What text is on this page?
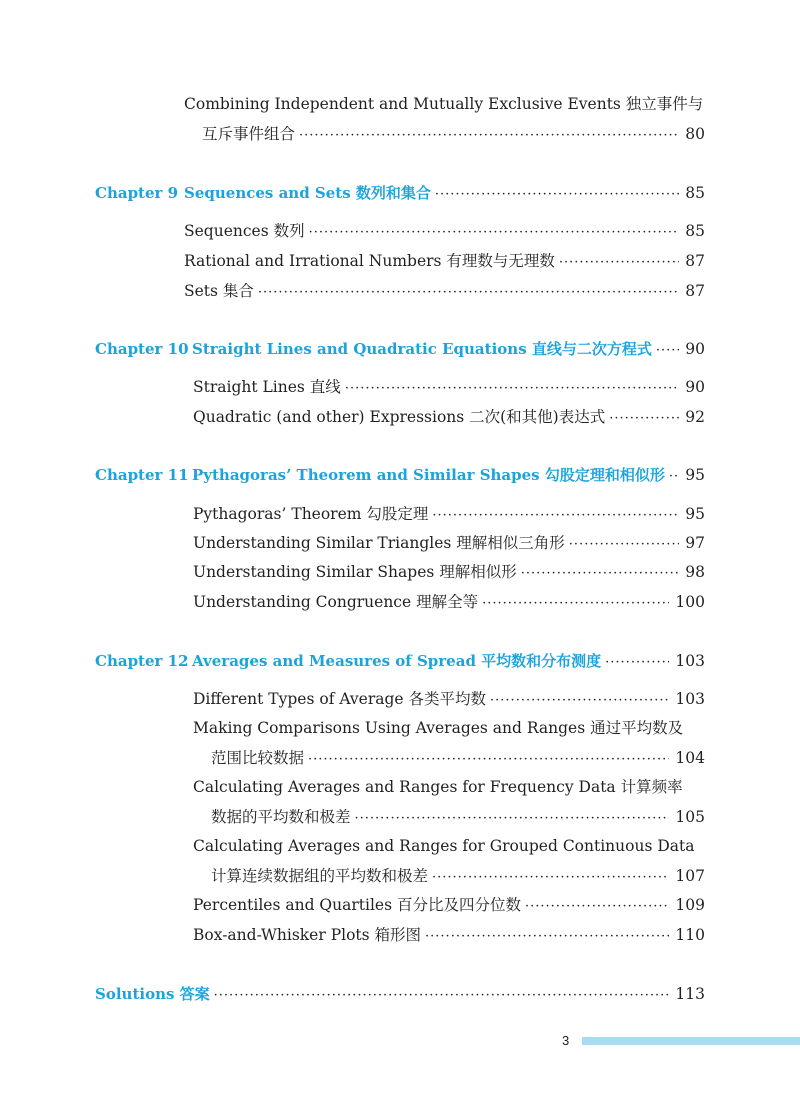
Combining Independent and Mutually Exclusive Events 独立事件与
互斥事件组合 ·····	80
Chapter 9 Sequences and Sets 数列和集合 ·····	85
Sequences 数列 ·····	85
Rational and Irrational Numbers 有理数与无理数 ·····	87
Sets 集合 ·····	87
Chapter 10 Straight Lines and Quadratic Equations 直线与二次方程式 ····· 90
Straight Lines 直线 ·····	90
Quadratic (and other) Expressions 二次(和其他)表达式 ·····	92
Chapter 11 Pythagoras’ Theorem and Similar Shapes 勾股定理和相似形 ····· 95
Pythagoras’ Theorem 勾股定理 ·····	95
Understanding Similar Triangles 理解相似三角形 ·····	97
Understanding Similar Shapes 理解相似形 ·····	98
Understanding Congruence 理解全等 ·····	100
Chapter 12 Averages and Measures of Spread 平均数和分布测度 ·····	103
Different Types of Average 各类平均数 ·····	103
Making Comparisons Using Averages and Ranges 通过平均数及
范围比较数据 ·····	104
Calculating Averages and Ranges for Frequency Data 计算频率
数据的平均数和极差 ·····	105
Calculating Averages and Ranges for Grouped Continuous Data
计算连续数据组的平均数和极差 ·····	107
Percentiles and Quartiles 百分比及四分位数 ·····	109
Box-and-Whisker Plots 箱形图 ·····	110
Solutions 答案 ·····	113
3
